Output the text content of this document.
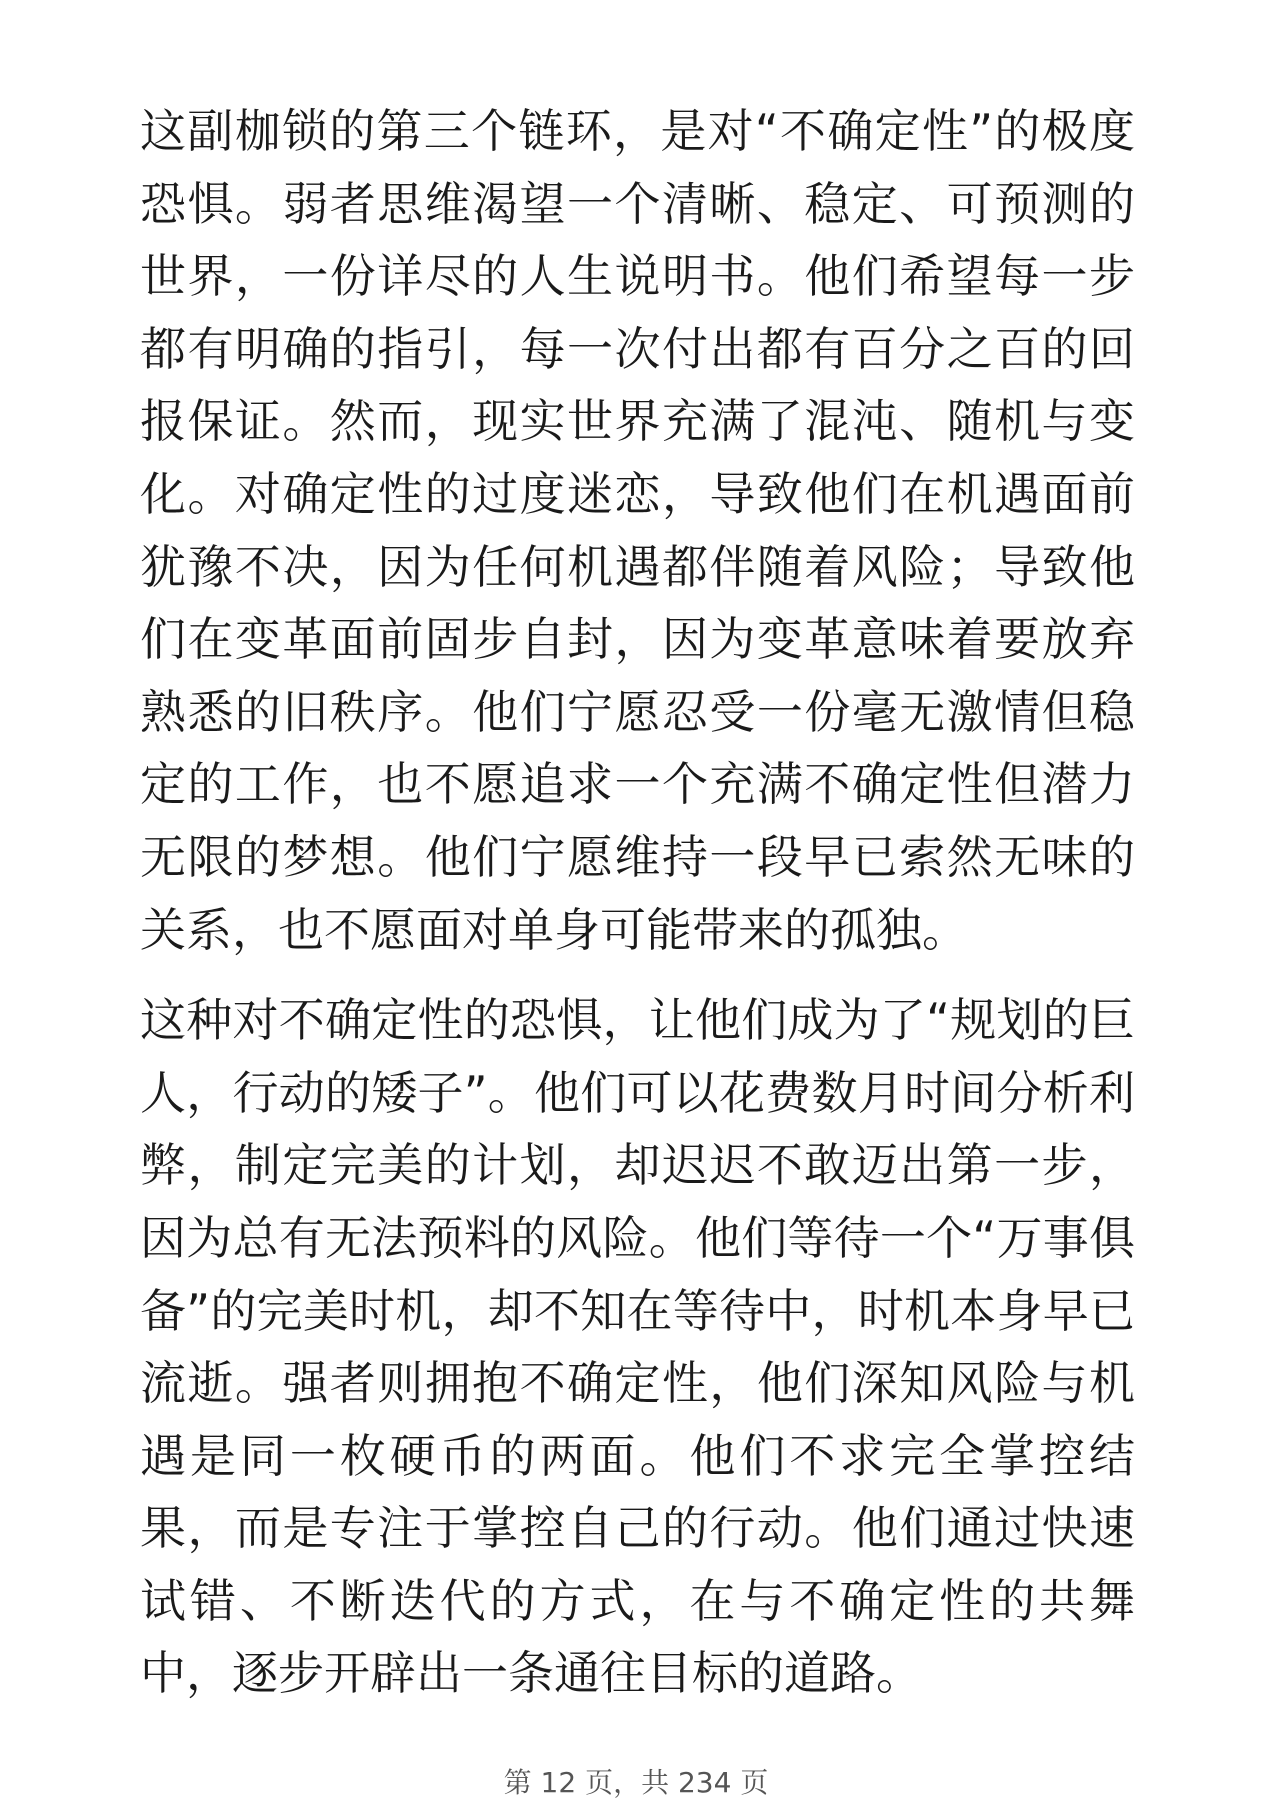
这副枷锁的第三个链环，是对“不确定性”的极度恐惧。弱者思维渴望一个清晰、稳定、可预测的世界，一份详尽的人生说明书。他们希望每一步都有明确的指引，每一次付出都有百分之百的回报保证。然而，现实世界充满了混沌、随机与变化。对确定性的过度迷恋，导致他们在机遇面前犹豫不决，因为任何机遇都伴随着风险；导致他们在变革面前固步自封，因为变革意味着要放弃熟悉的旧秩序。他们宁愿忍受一份毫无激情但稳定的工作，也不愿追求一个充满不确定性但潜力无限的梦想。他们宁愿维持一段早已索然无味的关系，也不愿面对单身可能带来的孤独。

这种对不确定性的恐惧，让他们成为了“规划的巨人，行动的矮子”。他们可以花费数月时间分析利弊，制定完美的计划，却迟迟不敢迈出第一步，因为总有无法预料的风险。他们等待一个“万事俱备”的完美时机，却不知在等待中，时机本身早已流逝。强者则拥抱不确定性，他们深知风险与机遇是同一枚硬币的两面。他们不求完全掌控结果，而是专注于掌控自己的行动。他们通过快速试错、不断迭代的方式，在与不确定性的共舞中，逐步开辟出一条通往目标的道路。

第 12 页，共 234 页
